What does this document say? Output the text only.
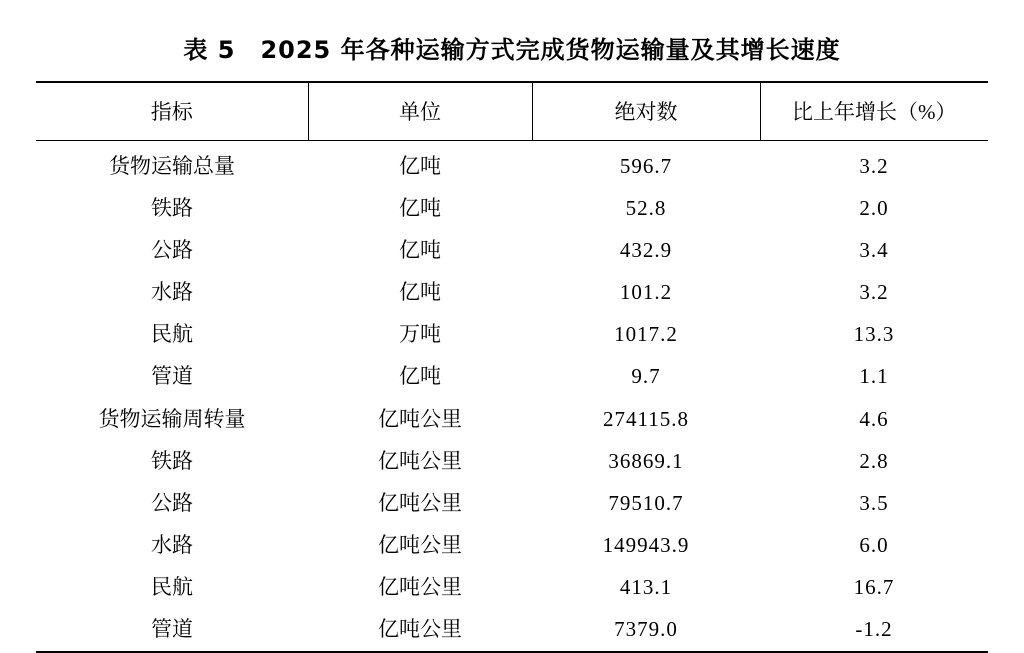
表 5　2025 年各种运输方式完成货物运输量及其增长速度
指标	单位	绝对数	比上年增长（%）
货物运输总量	亿吨	596.7	3.2
铁路	亿吨	52.8	2.0
公路	亿吨	432.9	3.4
水路	亿吨	101.2	3.2
民航	万吨	1017.2	13.3
管道	亿吨	9.7	1.1
货物运输周转量	亿吨公里	274115.8	4.6
铁路	亿吨公里	36869.1	2.8
公路	亿吨公里	79510.7	3.5
水路	亿吨公里	149943.9	6.0
民航	亿吨公里	413.1	16.7
管道	亿吨公里	7379.0	-1.2
